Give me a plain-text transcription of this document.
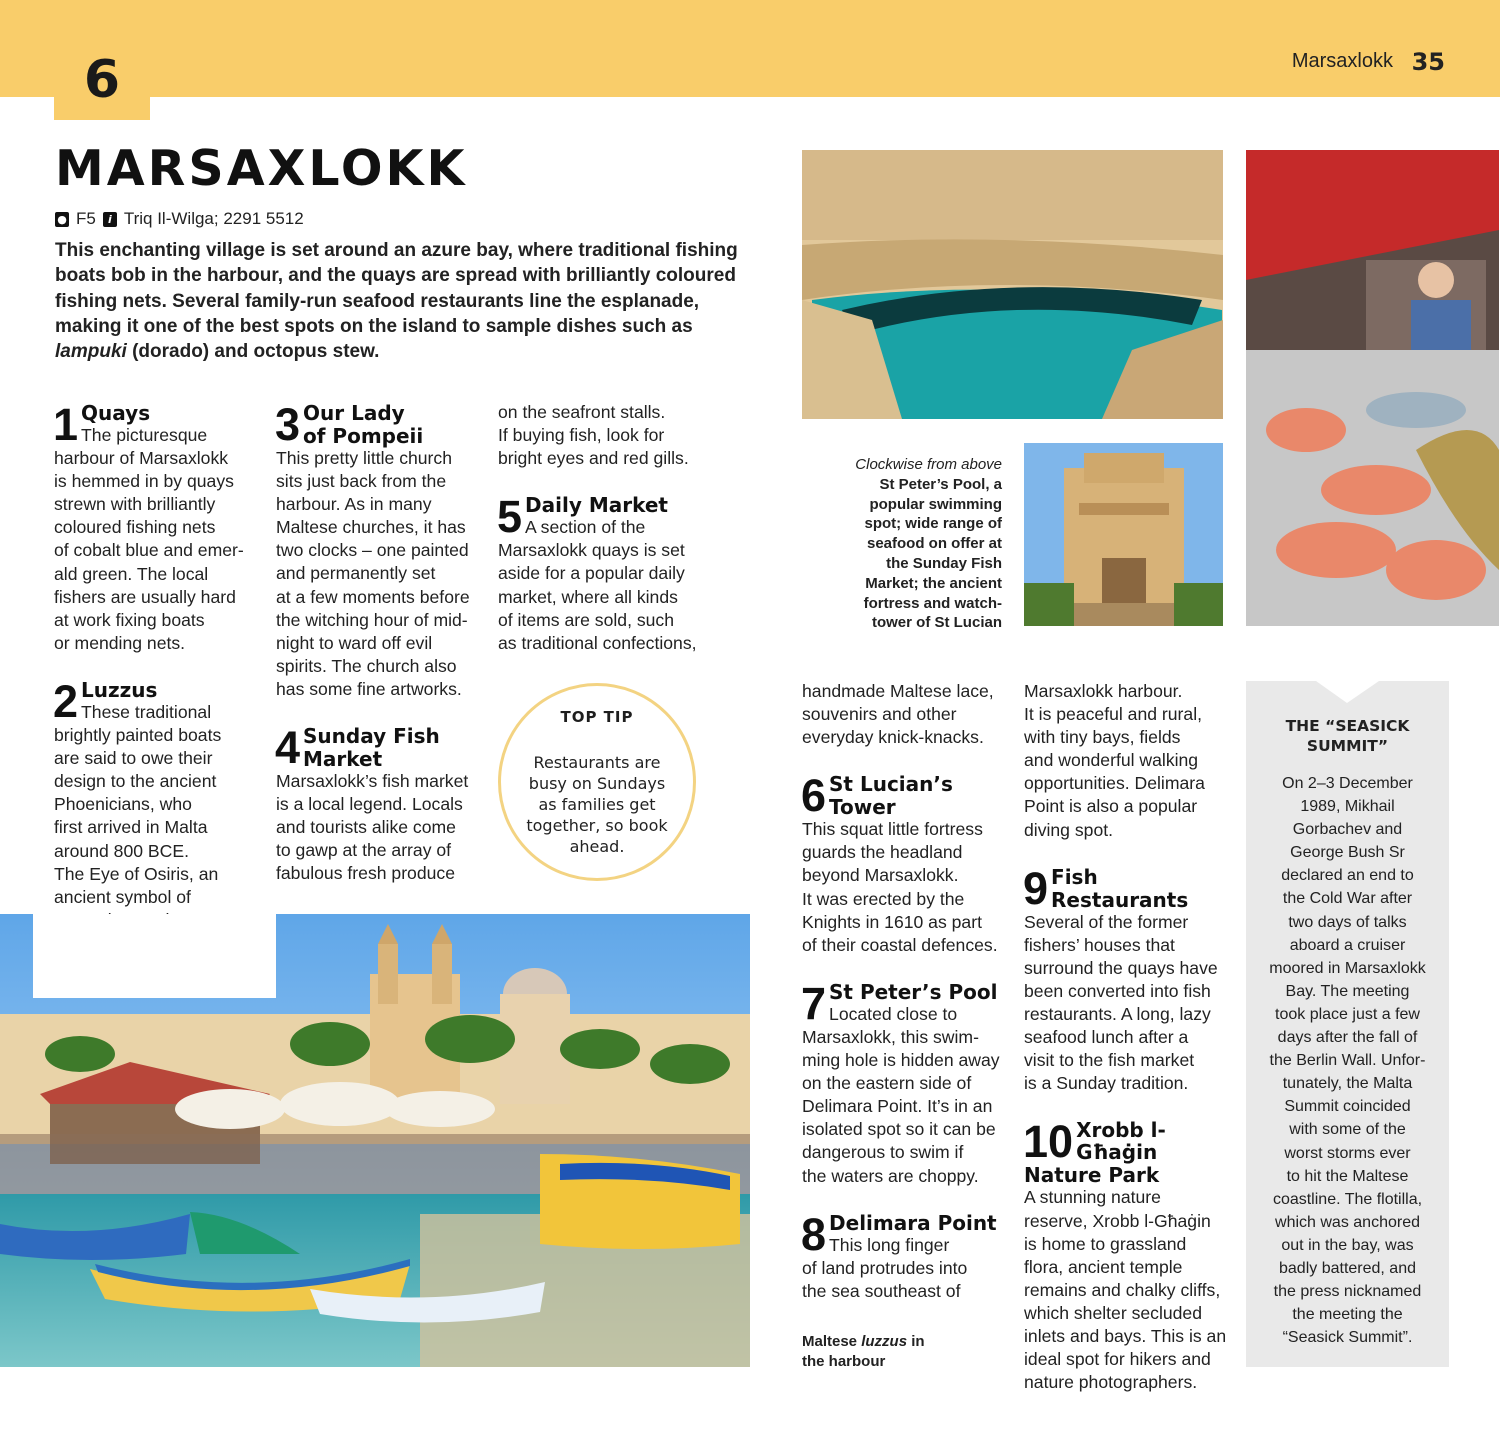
6	Marsaxlokk 35
MARSAXLOKK
● F5	i Triq Il-Wilga; 2291 5512

This enchanting village is set around an azure bay, where traditional fishing boats bob in the harbour, and the quays are spread with brilliantly coloured fishing nets. Several family-run seafood restaurants line the esplanade, making it one of the best spots on the island to sample dishes such as lampuki (dorado) and octopus stew.

1 Quays
The picturesque
harbour of Marsaxlokk
is hemmed in by quays
strewn with brilliantly
coloured fishing nets
of cobalt blue and emer-
ald green. The local
fishers are usually hard
at work fixing boats
or mending nets.
2 Luzzus
These traditional
brightly painted boats
are said to owe their
design to the ancient
Phoenicians, who
first arrived in Malta
around 800 BCE.
The Eye of Osiris, an
ancient symbol of
3 Our Lady
of Pompeii
This pretty little church
sits just back from the
harbour. As in many
Maltese churches, it has
two clocks – one painted
and permanently set
at a few moments before
the witching hour of mid-
night to ward off evil
spirits. The church also
has some fine artworks.
4 Sunday Fish
Market
Marsaxlokk’s fish market
is a local legend. Locals
and tourists alike come
to gawp at the array of
fabulous fresh produce
on the seafront stalls.
If buying fish, look for
bright eyes and red gills.
5 Daily Market
A section of the
Marsaxlokk quays is set
aside for a popular daily
market, where all kinds
of items are sold, such
as traditional confections,
TOP TIP
Restaurants are
busy on Sundays
as families get
together, so book
ahead.
Clockwise from above
St Peter’s Pool, a
popular swimming
spot; wide range of
seafood on offer at
the Sunday Fish
Market; the ancient
fortress and watch-
tower of St Lucian
handmade Maltese lace,
souvenirs and other
everyday knick-knacks.
6 St Lucian’s
Tower
This squat little fortress
guards the headland
beyond Marsaxlokk.
It was erected by the
Knights in 1610 as part
of their coastal defences.
7 St Peter’s Pool
Located close to
Marsaxlokk, this swim-
ming hole is hidden away
on the eastern side of
Delimara Point. It’s in an
isolated spot so it can be
dangerous to swim if
the waters are choppy.
8 Delimara Point
This long finger
of land protrudes into
the sea southeast of
Maltese luzzus in
the harbour
Marsaxlokk harbour.
It is peaceful and rural,
with tiny bays, fields
and wonderful walking
opportunities. Delimara
Point is also a popular
diving spot.
9 Fish
Restaurants
Several of the former
fishers’ houses that
surround the quays have
been converted into fish
restaurants. A long, lazy
seafood lunch after a
visit to the fish market
is a Sunday tradition.
10 Xrobb l-Għaġin
Nature Park
A stunning nature
reserve, Xrobb l-Għaġin
is home to grassland
flora, ancient temple
remains and chalky cliffs,
which shelter secluded
inlets and bays. This is an
ideal spot for hikers and
nature photographers.
THE “SEASICK
SUMMIT”
On 2–3 December
1989, Mikhail
Gorbachev and
George Bush Sr
declared an end to
the Cold War after
two days of talks
aboard a cruiser
moored in Marsaxlokk
Bay. The meeting
took place just a few
days after the fall of
the Berlin Wall. Unfor-
tunately, the Malta
Summit coincided
with some of the
worst storms ever
to hit the Maltese
coastline. The flotilla,
which was anchored
out in the bay, was
badly battered, and
the press nicknamed
the meeting the
“Seasick Summit”.
